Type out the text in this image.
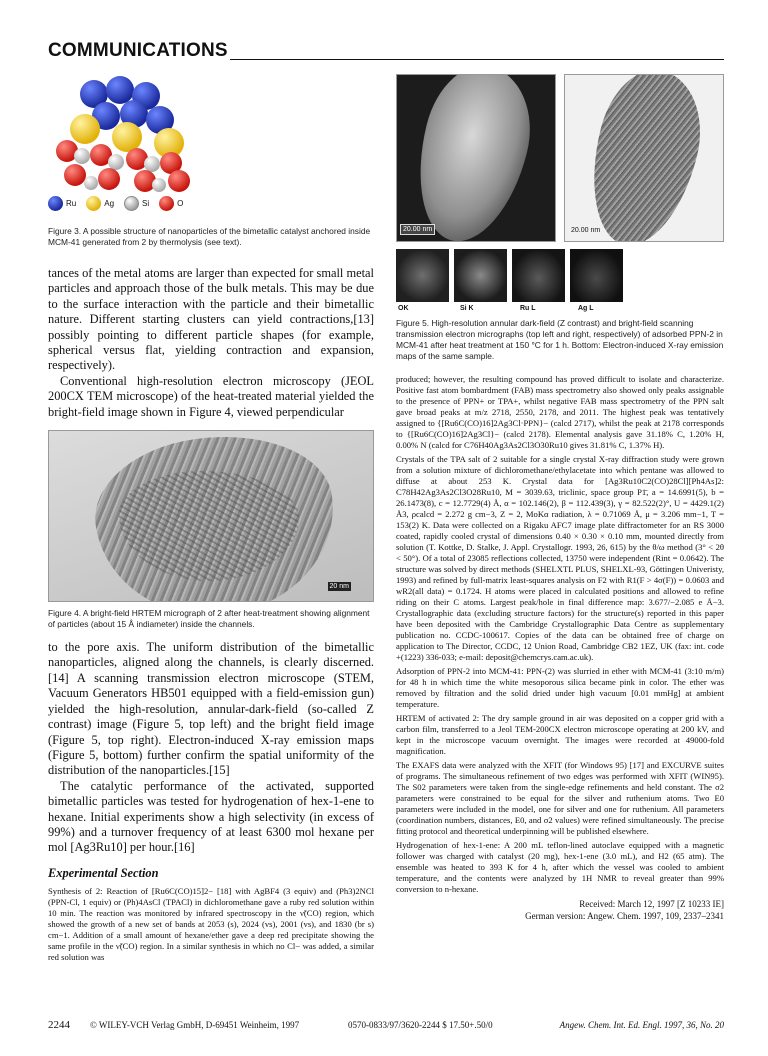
COMMUNICATIONS
Ru	Ag	Si	O
Figure 3. A possible structure of nanoparticles of the bimetallic catalyst anchored inside MCM-41 generated from 2 by thermolysis (see text).

tances of the metal atoms are larger than expected for small metal particles and approach those of the bulk metals. This may be due to the surface interaction with the particle and their bimetallic nature. Different starting clusters can yield contractions,[13] possibly pointing to different particle shapes (for example, spherical versus flat, yielding contraction and expansion, respectively).

Conventional high-resolution electron microscopy (JEOL 200CX TEM microscope) of the heat-treated material yielded the bright-field image shown in Figure 4, viewed perpendicular

20 nm
Figure 4. A bright-field HRTEM micrograph of 2 after heat-treatment showing alignment of particles (about 15 Å indiameter) inside the channels.

to the pore axis. The uniform distribution of the bimetallic nanoparticles, aligned along the channels, is clearly discerned.[14] A scanning transmission electron microscope (STEM, Vacuum Generators HB501 equipped with a field-emission gun) yielded the high-resolution, annular-dark-field (so-called Z contrast) image (Figure 5, top left) and the bright field image (Figure 5, top right). Electron-induced X-ray emission maps (Figure 5, bottom) further confirm the spatial uniformity of the distribution of the nanoparticles.[15]

The catalytic performance of the activated, supported bimetallic particles was tested for hydrogenation of hex-1-ene to hexane. Initial experiments show a high selectivity (in excess of 99%) and a turnover frequency of at least 6300 mol hexane per mol [Ag3Ru10] per hour.[16]

Experimental Section
Synthesis of 2: Reaction of [Ru6C(CO)15]2− [18] with AgBF4 (3 equiv) and (Ph3)2NCl (PPN-Cl, 1 equiv) or (Ph)4AsCl (TPACl) in dichloromethane gave a ruby red solution within 10 min. The reaction was monitored by infrared spectroscopy in the ν̃(CO) region, which showed the growth of a new set of bands at 2053 (s), 2024 (vs), 2001 (vs), and 1830 (br s) cm−1. Addition of a small amount of hexane/ether gave a deep red precipitate showing the same profile in the ν̃(CO) region. In a similar synthesis in which no Cl− was added, a similar red solution was
20.00 nm	20.00 nm
OK	Si K	Ru L	Ag L
Figure 5. High-resolution annular dark-field (Z contrast) and bright-field scanning transmission electron micrographs (top left and right, respectively) of adsorbed PPN-2 in MCM-41 after heat treatment at 150 °C for 1 h. Bottom: Electron-induced X-ray emission maps of the same sample.

produced; however, the resulting compound has proved difficult to isolate and characterize. Positive fast atom bombardment (FAB) mass spectrometry also showed only peaks assignable to the presence of PPN+ or TPA+, whilst negative FAB mass spectrometry of the PPN salt gave broad peaks at m/z 2718, 2550, 2178, and 2011. The highest peak was tentatively assigned to {[Ru6C(CO)16]2Ag3Cl·PPN}− (calcd 2717), whilst the peak at 2178 corresponds to {[Ru6C(CO)16]2Ag3Cl}− (calcd 2178). Elemental analysis gave 31.18% C, 1.20% H, 0.00% N (calcd for C76H40Ag3As2Cl3O30Ru10 gives 31.81% C, 1.37% H).

Crystals of the TPA salt of 2 suitable for a single crystal X-ray diffraction study were grown from a solution mixture of dichloromethane/ethylacetate into which pentane was allowed to diffuse at about 253 K. Crystal data for [Ag3Ru10C2(CO)28Cl][Ph4As]2: C78H42Ag3As2Cl3O28Ru10, M = 3039.63, triclinic, space group P1̄, a = 14.6991(5), b = 26.1473(8), c = 12.7729(4) Å, α = 102.146(2), β = 112.439(3), γ = 82.522(2)°, U = 4429.1(2) Å3, ρcalcd = 2.272 g cm−3, Z = 2, MoKα radiation, λ = 0.71069 Å, μ = 3.206 mm−1, T = 153(2) K. Data were collected on a Rigaku AFC7 image plate diffractometer for an RS 3000 coated, rapidly cooled crystal of dimensions 0.40 × 0.30 × 0.10 mm, mounted directly from solution (T. Kottke, D. Stalke, J. Appl. Crystallogr. 1993, 26, 615) by the θ/ω method (3° < 2θ < 50°). Of a total of 23085 reflections collected, 13750 were independent (Rint = 0.0642). The structure was solved by direct methods (SHELXTL PLUS, SHELXL-93, Göttingen Univeristy, 1993) and refined by full-matrix least-squares analysis on F2 with R1(F > 4σ(F)) = 0.0603 and wR2(all data) = 0.1724. H atoms were placed in calculated positions and allowed to refine riding on their C atoms. Largest peak/hole in final difference map: 3.677/−2.085 e Å−3. Crystallographic data (excluding structure factors) for the structure(s) reported in this paper have been deposited with the Cambridge Crystallographic Data Centre as supplementary publication no. CCDC-100617. Copies of the data can be obtained free of charge on application to The Director, CCDC, 12 Union Road, Cambridge CB2 1EZ, UK (fax: int. code +(1223) 336-033; e-mail: deposit@chemcrys.cam.ac.uk).

Adsorption of PPN-2 into MCM-41: PPN-(2) was slurried in ether with MCM-41 (3:10 m/m) for 48 h in which time the white mesoporous silica became pink in color. The ether was removed by filtration and the solid dried under high vacuum [0.01 mmHg] at ambient temperature.

HRTEM of activated 2: The dry sample ground in air was deposited on a copper grid with a carbon film, transferred to a Jeol TEM-200CX electron microscope operating at 200 kV, and kept in the microscope vacuum overnight. The images were recorded at 49000-fold magnification.

The EXAFS data were analyzed with the XFIT (for Windows 95) [17] and EXCURVE suites of programs. The simultaneous refinement of two edges was performed with XFIT (WIN95). The S02 parameters were taken from the single-edge refinements and held constant. The σ2 parameters were constrained to be equal for the silver and ruthenium atoms. Two E0 parameters were included in the model, one for silver and one for ruthenium. All parameters (coordination numbers, distances, E0, and σ2 values) were refined simultaneously. The precise fitting protocol and theoretical underpinning will be published elsewhere.

Hydrogenation of hex-1-ene: A 200 mL teflon-lined autoclave equipped with a magnetic follower was charged with catalyst (20 mg), hex-1-ene (3.0 mL), and H2 (65 atm). The ensemble was heated to 393 K for 4 h, after which the vessel was cooled to ambient temperature, and the contents were analyzed by 1H NMR to reveal greater than 99% conversion to n-hexane.

Received: March 12, 1997 [Z 10233 IE]
German version: Angew. Chem. 1997, 109, 2337–2341
2244 © WILEY-VCH Verlag GmbH, D-69451 Weinheim, 1997	0570-0833/97/3620-2244 $ 17.50+.50/0	Angew. Chem. Int. Ed. Engl. 1997, 36, No. 20
